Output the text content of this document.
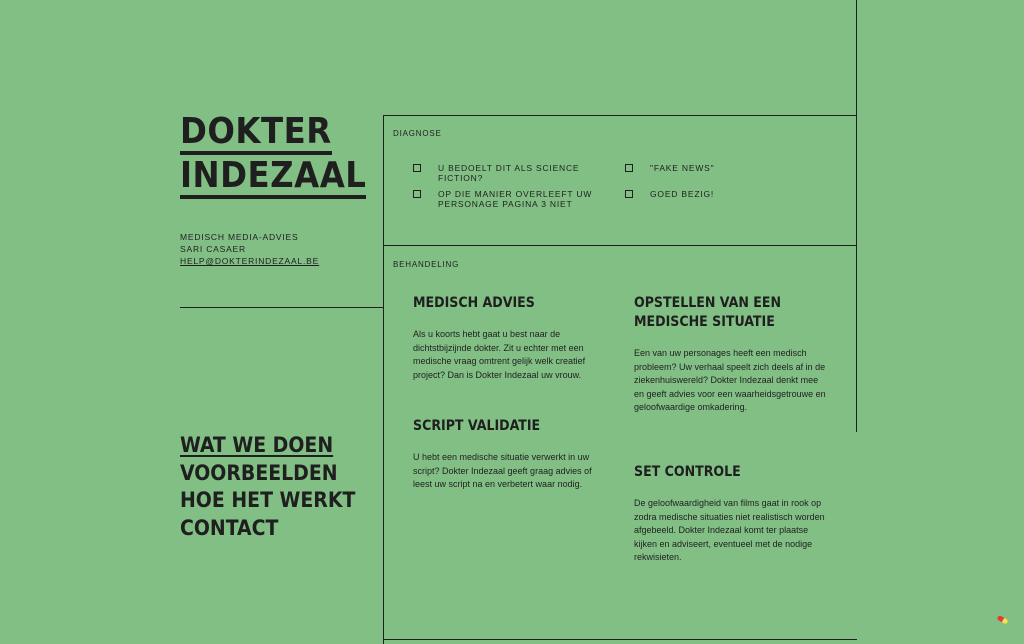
DOKTER
INDEZAAL
MEDISCH MEDIA-ADVIES
SARI CASAER
HELP@DOKTERINDEZAAL.BE
WAT WE DOEN
VOORBEELDEN
HOE HET WERKT
CONTACT
DIAGNOSE
U BEDOELT DIT ALS SCIENCE FICTION?
"FAKE NEWS"
OP DIE MANIER OVERLEEFT UW PERSONAGE PAGINA 3 NIET
GOED BEZIG!
BEHANDELING
MEDISCH ADVIES

Als u koorts hebt gaat u best naar de dichtstbijzijnde dokter. Zit u echter met een medische vraag omtrent gelijk welk creatief project? Dan is Dokter Indezaal uw vrouw.

OPSTELLEN VAN EEN MEDISCHE SITUATIE

Een van uw personages heeft een medisch probleem? Uw verhaal speelt zich deels af in de ziekenhuiswereld? Dokter Indezaal denkt mee en geeft advies voor een waarheidsgetrouwe en geloofwaardige omkadering.

SCRIPT VALIDATIE

U hebt een medische situatie verwerkt in uw script? Dokter Indezaal geeft graag advies of leest uw script na en verbetert waar nodig.

SET CONTROLE

De geloofwaardigheid van films gaat in rook op zodra medische situaties niet realistisch worden afgebeeld. Dokter Indezaal komt ter plaatse kijken en adviseert, eventueel met de nodige rekwisieten.
